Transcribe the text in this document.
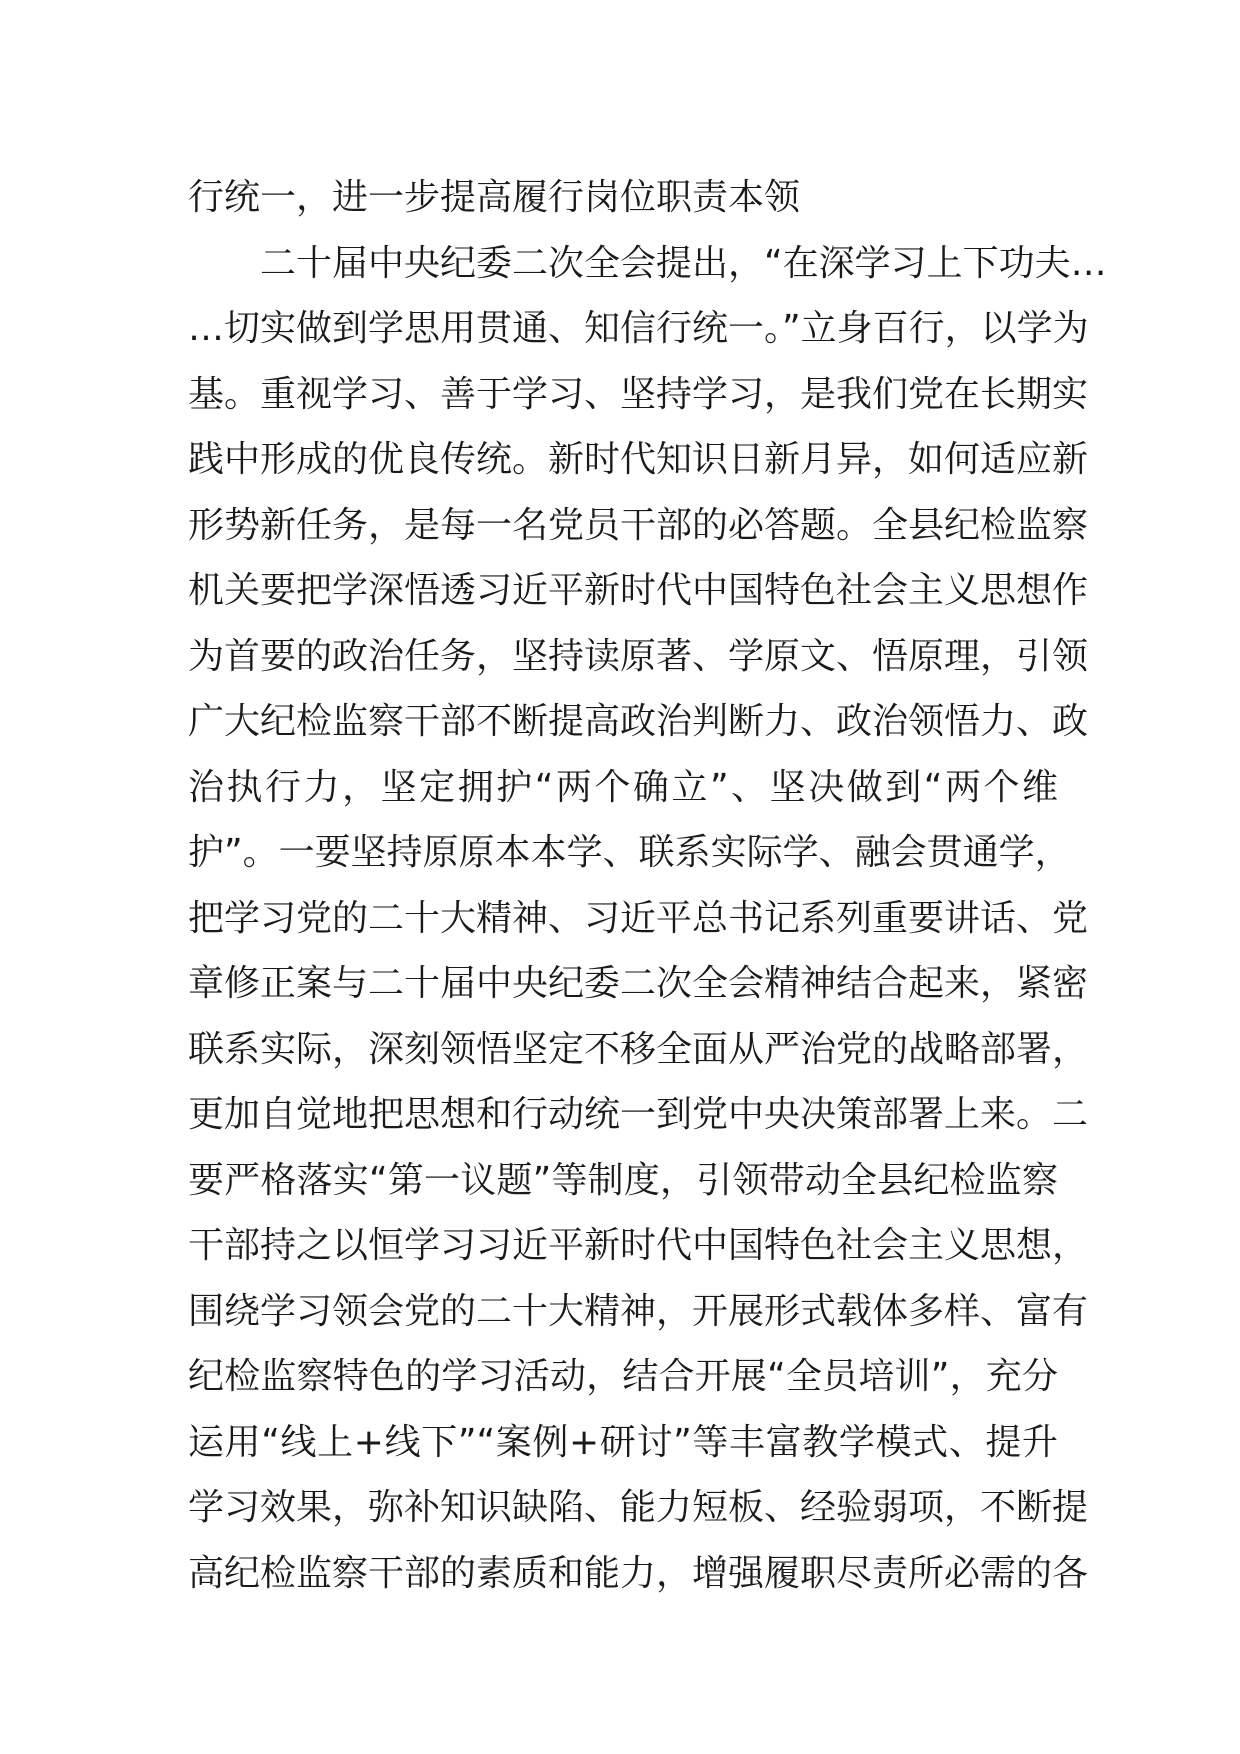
行统一，进一步提高履行岗位职责本领
二十届中央纪委二次全会提出，“在深学习上下功夫…
…切实做到学思用贯通、知信行统一。”立身百行，以学为
基。重视学习、善于学习、坚持学习，是我们党在长期实
践中形成的优良传统。新时代知识日新月异，如何适应新
形势新任务，是每一名党员干部的必答题。全县纪检监察
机关要把学深悟透习近平新时代中国特色社会主义思想作
为首要的政治任务，坚持读原著、学原文、悟原理，引领
广大纪检监察干部不断提高政治判断力、政治领悟力、政
治执行力，坚定拥护“两个确立”、坚决做到“两个维
护”。一要坚持原原本本学、联系实际学、融会贯通学，
把学习党的二十大精神、习近平总书记系列重要讲话、党
章修正案与二十届中央纪委二次全会精神结合起来，紧密
联系实际，深刻领悟坚定不移全面从严治党的战略部署，
更加自觉地把思想和行动统一到党中央决策部署上来。二
要严格落实“第一议题”等制度，引领带动全县纪检监察
干部持之以恒学习习近平新时代中国特色社会主义思想，
围绕学习领会党的二十大精神，开展形式载体多样、富有
纪检监察特色的学习活动，结合开展“全员培训”，充分
运用“线上+线下”“案例+研讨”等丰富教学模式、提升
学习效果，弥补知识缺陷、能力短板、经验弱项，不断提
高纪检监察干部的素质和能力，增强履职尽责所必需的各
